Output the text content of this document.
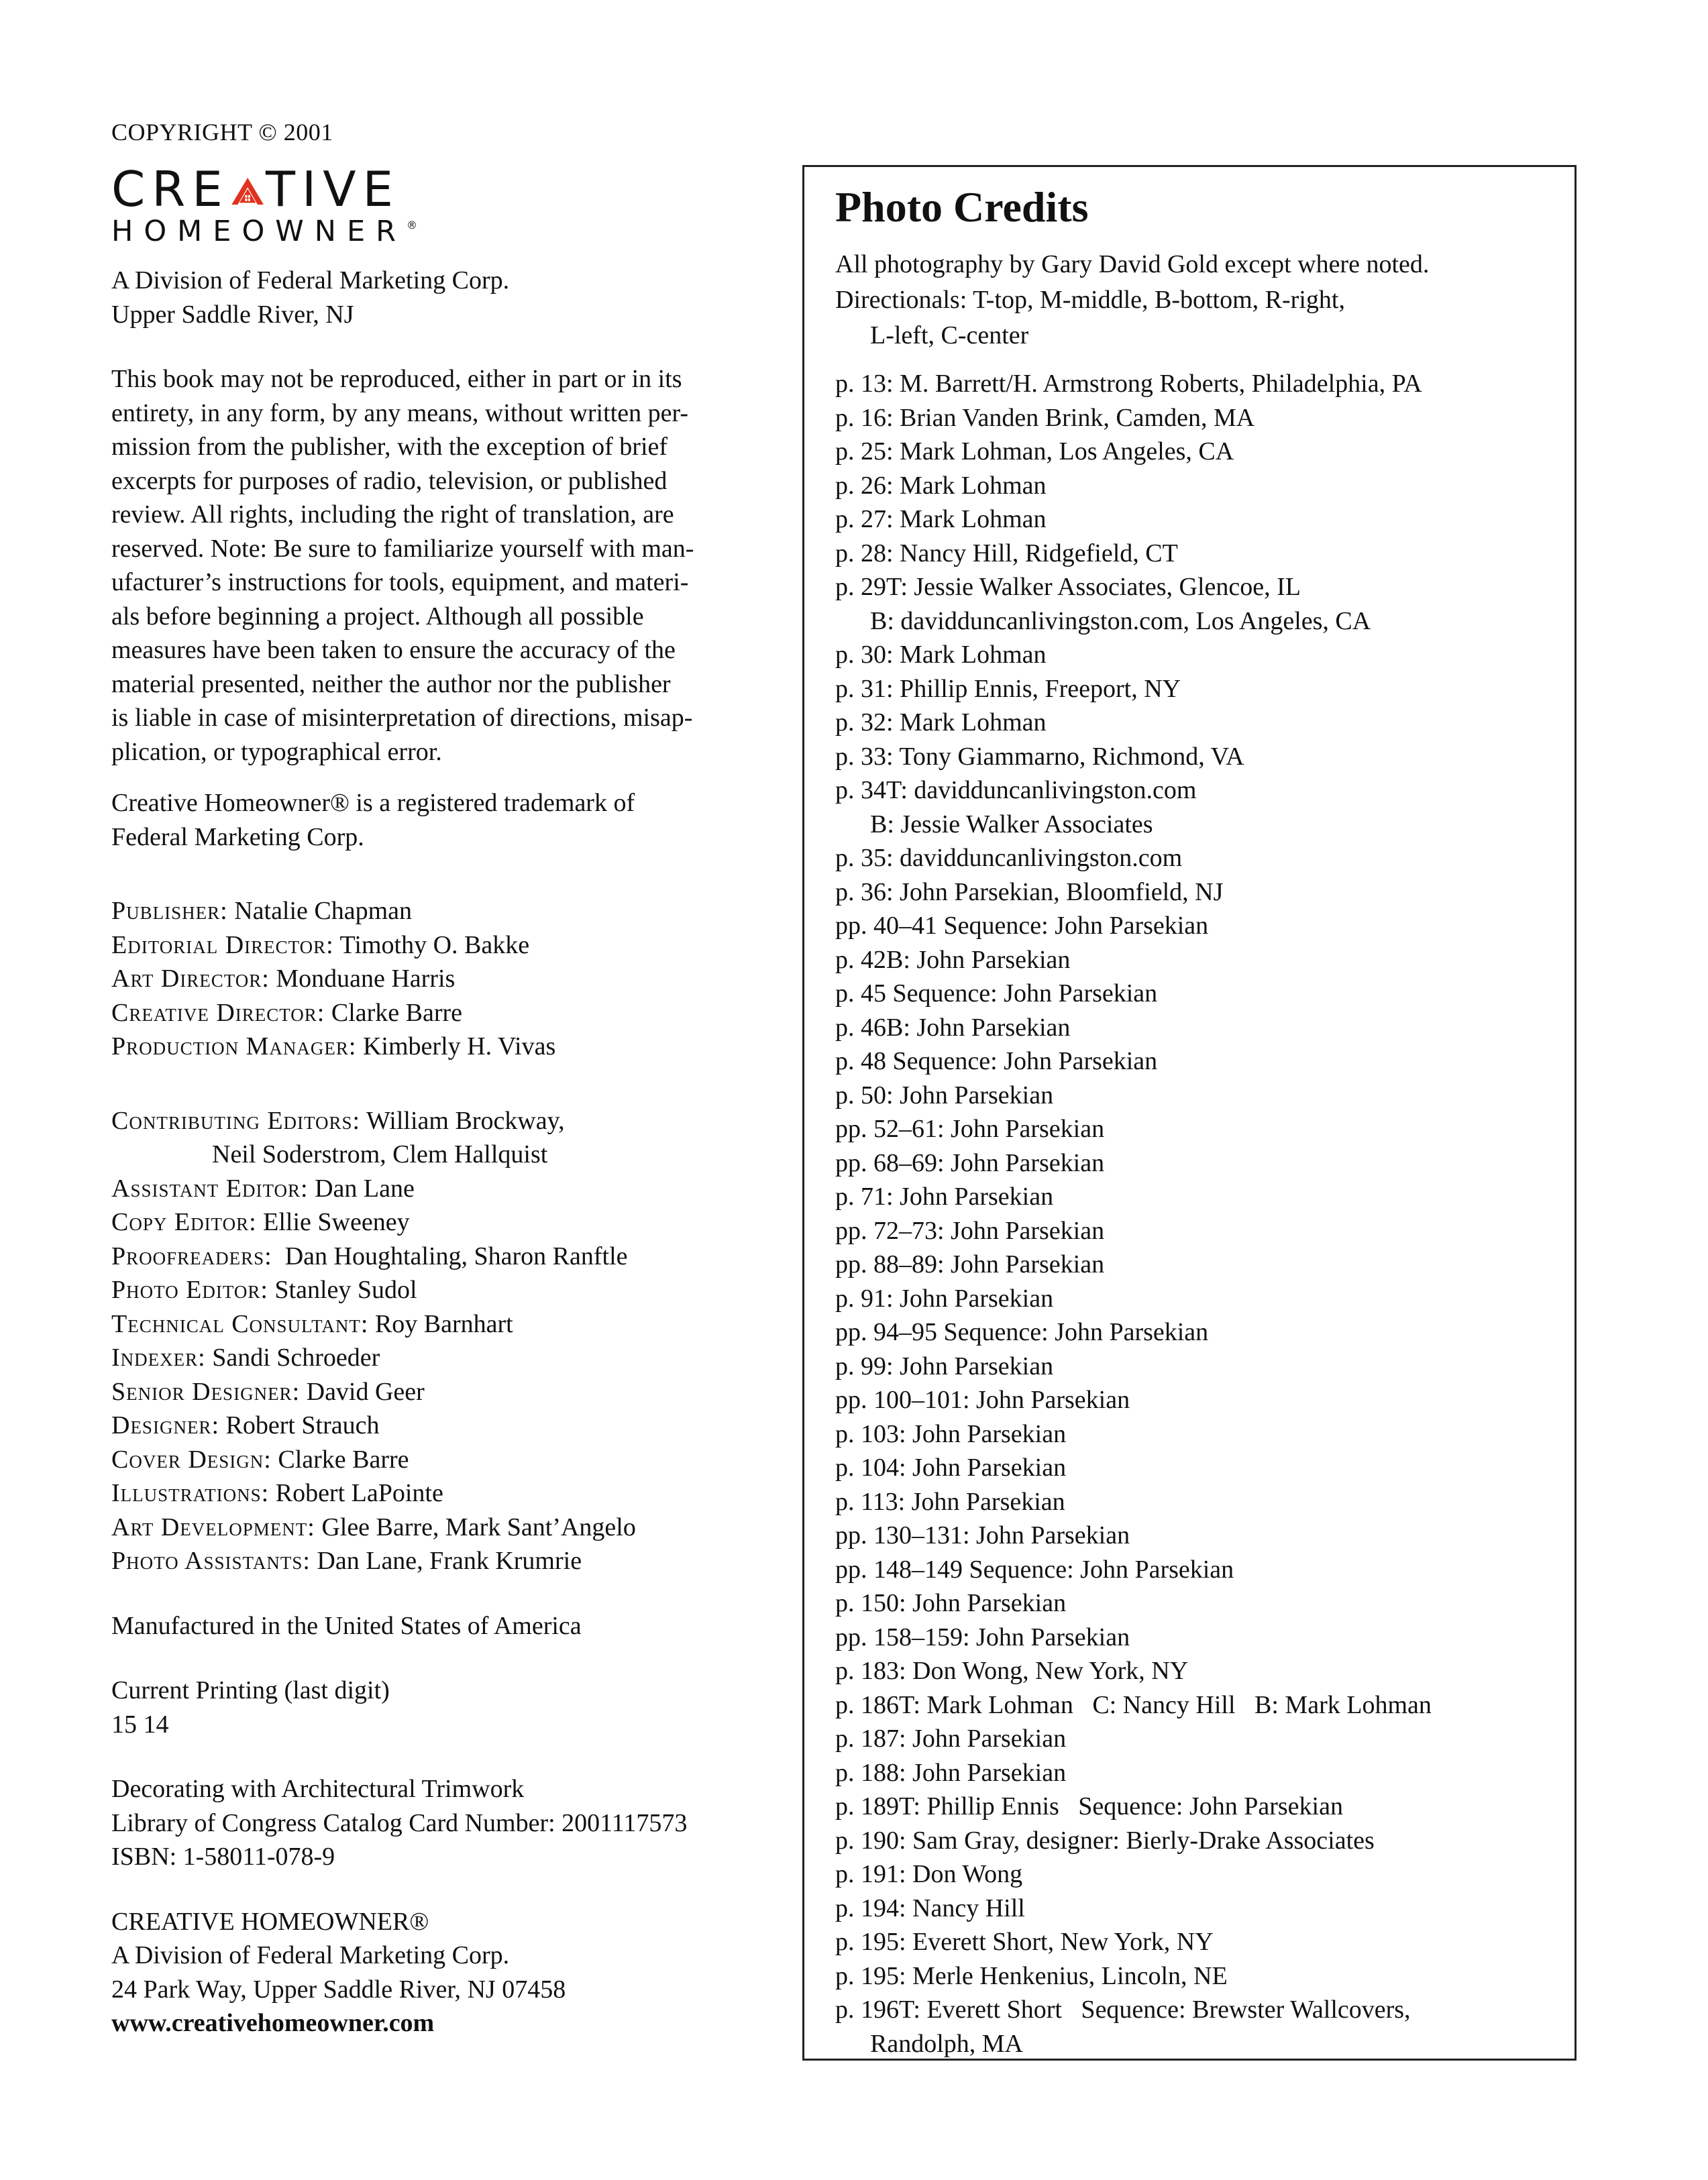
COPYRIGHT © 2001
CRE TIVE
HOMEOWNER®
A Division of Federal Marketing Corp.
Upper Saddle River, NJ
This book may not be reproduced, either in part or in its
entirety, in any form, by any means, without written per-
mission from the publisher, with the exception of brief
excerpts for purposes of radio, television, or published
review. All rights, including the right of translation, are
reserved. Note: Be sure to familiarize yourself with man-
ufacturer’s instructions for tools, equipment, and materi-
als before beginning a project. Although all possible
measures have been taken to ensure the accuracy of the
material presented, neither the author nor the publisher
is liable in case of misinterpretation of directions, misap-
plication, or typographical error.
Creative Homeowner® is a registered trademark of
Federal Marketing Corp.
Publisher: Natalie Chapman
Editorial Director: Timothy O. Bakke
Art Director: Monduane Harris
Creative Director: Clarke Barre
Production Manager: Kimberly H. Vivas
Contributing Editors: William Brockway,
Neil Soderstrom, Clem Hallquist
Assistant Editor: Dan Lane
Copy Editor: Ellie Sweeney
Proofreaders:  Dan Houghtaling, Sharon Ranftle
Photo Editor: Stanley Sudol
Technical Consultant: Roy Barnhart
Indexer: Sandi Schroeder
Senior Designer: David Geer
Designer: Robert Strauch
Cover Design: Clarke Barre
Illustrations: Robert LaPointe
Art Development: Glee Barre, Mark Sant’Angelo
Photo Assistants: Dan Lane, Frank Krumrie
Manufactured in the United States of America
Current Printing (last digit)
15 14
Decorating with Architectural Trimwork
Library of Congress Catalog Card Number: 2001117573
ISBN: 1-58011-078-9
CREATIVE HOMEOWNER®
A Division of Federal Marketing Corp.
24 Park Way, Upper Saddle River, NJ 07458
www.creativehomeowner.com
Photo Credits
All photography by Gary David Gold except where noted.
Directionals: T-top, M-middle, B-bottom, R-right,
L-left, C-center
p. 13: M. Barrett/H. Armstrong Roberts, Philadelphia, PA
p. 16: Brian Vanden Brink, Camden, MA
p. 25: Mark Lohman, Los Angeles, CA
p. 26: Mark Lohman
p. 27: Mark Lohman
p. 28: Nancy Hill, Ridgefield, CT
p. 29T: Jessie Walker Associates, Glencoe, IL
B: davidduncanlivingston.com, Los Angeles, CA
p. 30: Mark Lohman
p. 31: Phillip Ennis, Freeport, NY
p. 32: Mark Lohman
p. 33: Tony Giammarno, Richmond, VA
p. 34T: davidduncanlivingston.com
B: Jessie Walker Associates
p. 35: davidduncanlivingston.com
p. 36: John Parsekian, Bloomfield, NJ
pp. 40–41 Sequence: John Parsekian
p. 42B: John Parsekian
p. 45 Sequence: John Parsekian
p. 46B: John Parsekian
p. 48 Sequence: John Parsekian
p. 50: John Parsekian
pp. 52–61: John Parsekian
pp. 68–69: John Parsekian
p. 71: John Parsekian
pp. 72–73: John Parsekian
pp. 88–89: John Parsekian
p. 91: John Parsekian
pp. 94–95 Sequence: John Parsekian
p. 99: John Parsekian
pp. 100–101: John Parsekian
p. 103: John Parsekian
p. 104: John Parsekian
p. 113: John Parsekian
pp. 130–131: John Parsekian
pp. 148–149 Sequence: John Parsekian
p. 150: John Parsekian
pp. 158–159: John Parsekian
p. 183: Don Wong, New York, NY
p. 186T: Mark Lohman   C: Nancy Hill   B: Mark Lohman
p. 187: John Parsekian
p. 188: John Parsekian
p. 189T: Phillip Ennis   Sequence: John Parsekian
p. 190: Sam Gray, designer: Bierly-Drake Associates
p. 191: Don Wong
p. 194: Nancy Hill
p. 195: Everett Short, New York, NY
p. 195: Merle Henkenius, Lincoln, NE
p. 196T: Everett Short   Sequence: Brewster Wallcovers,
Randolph, MA
